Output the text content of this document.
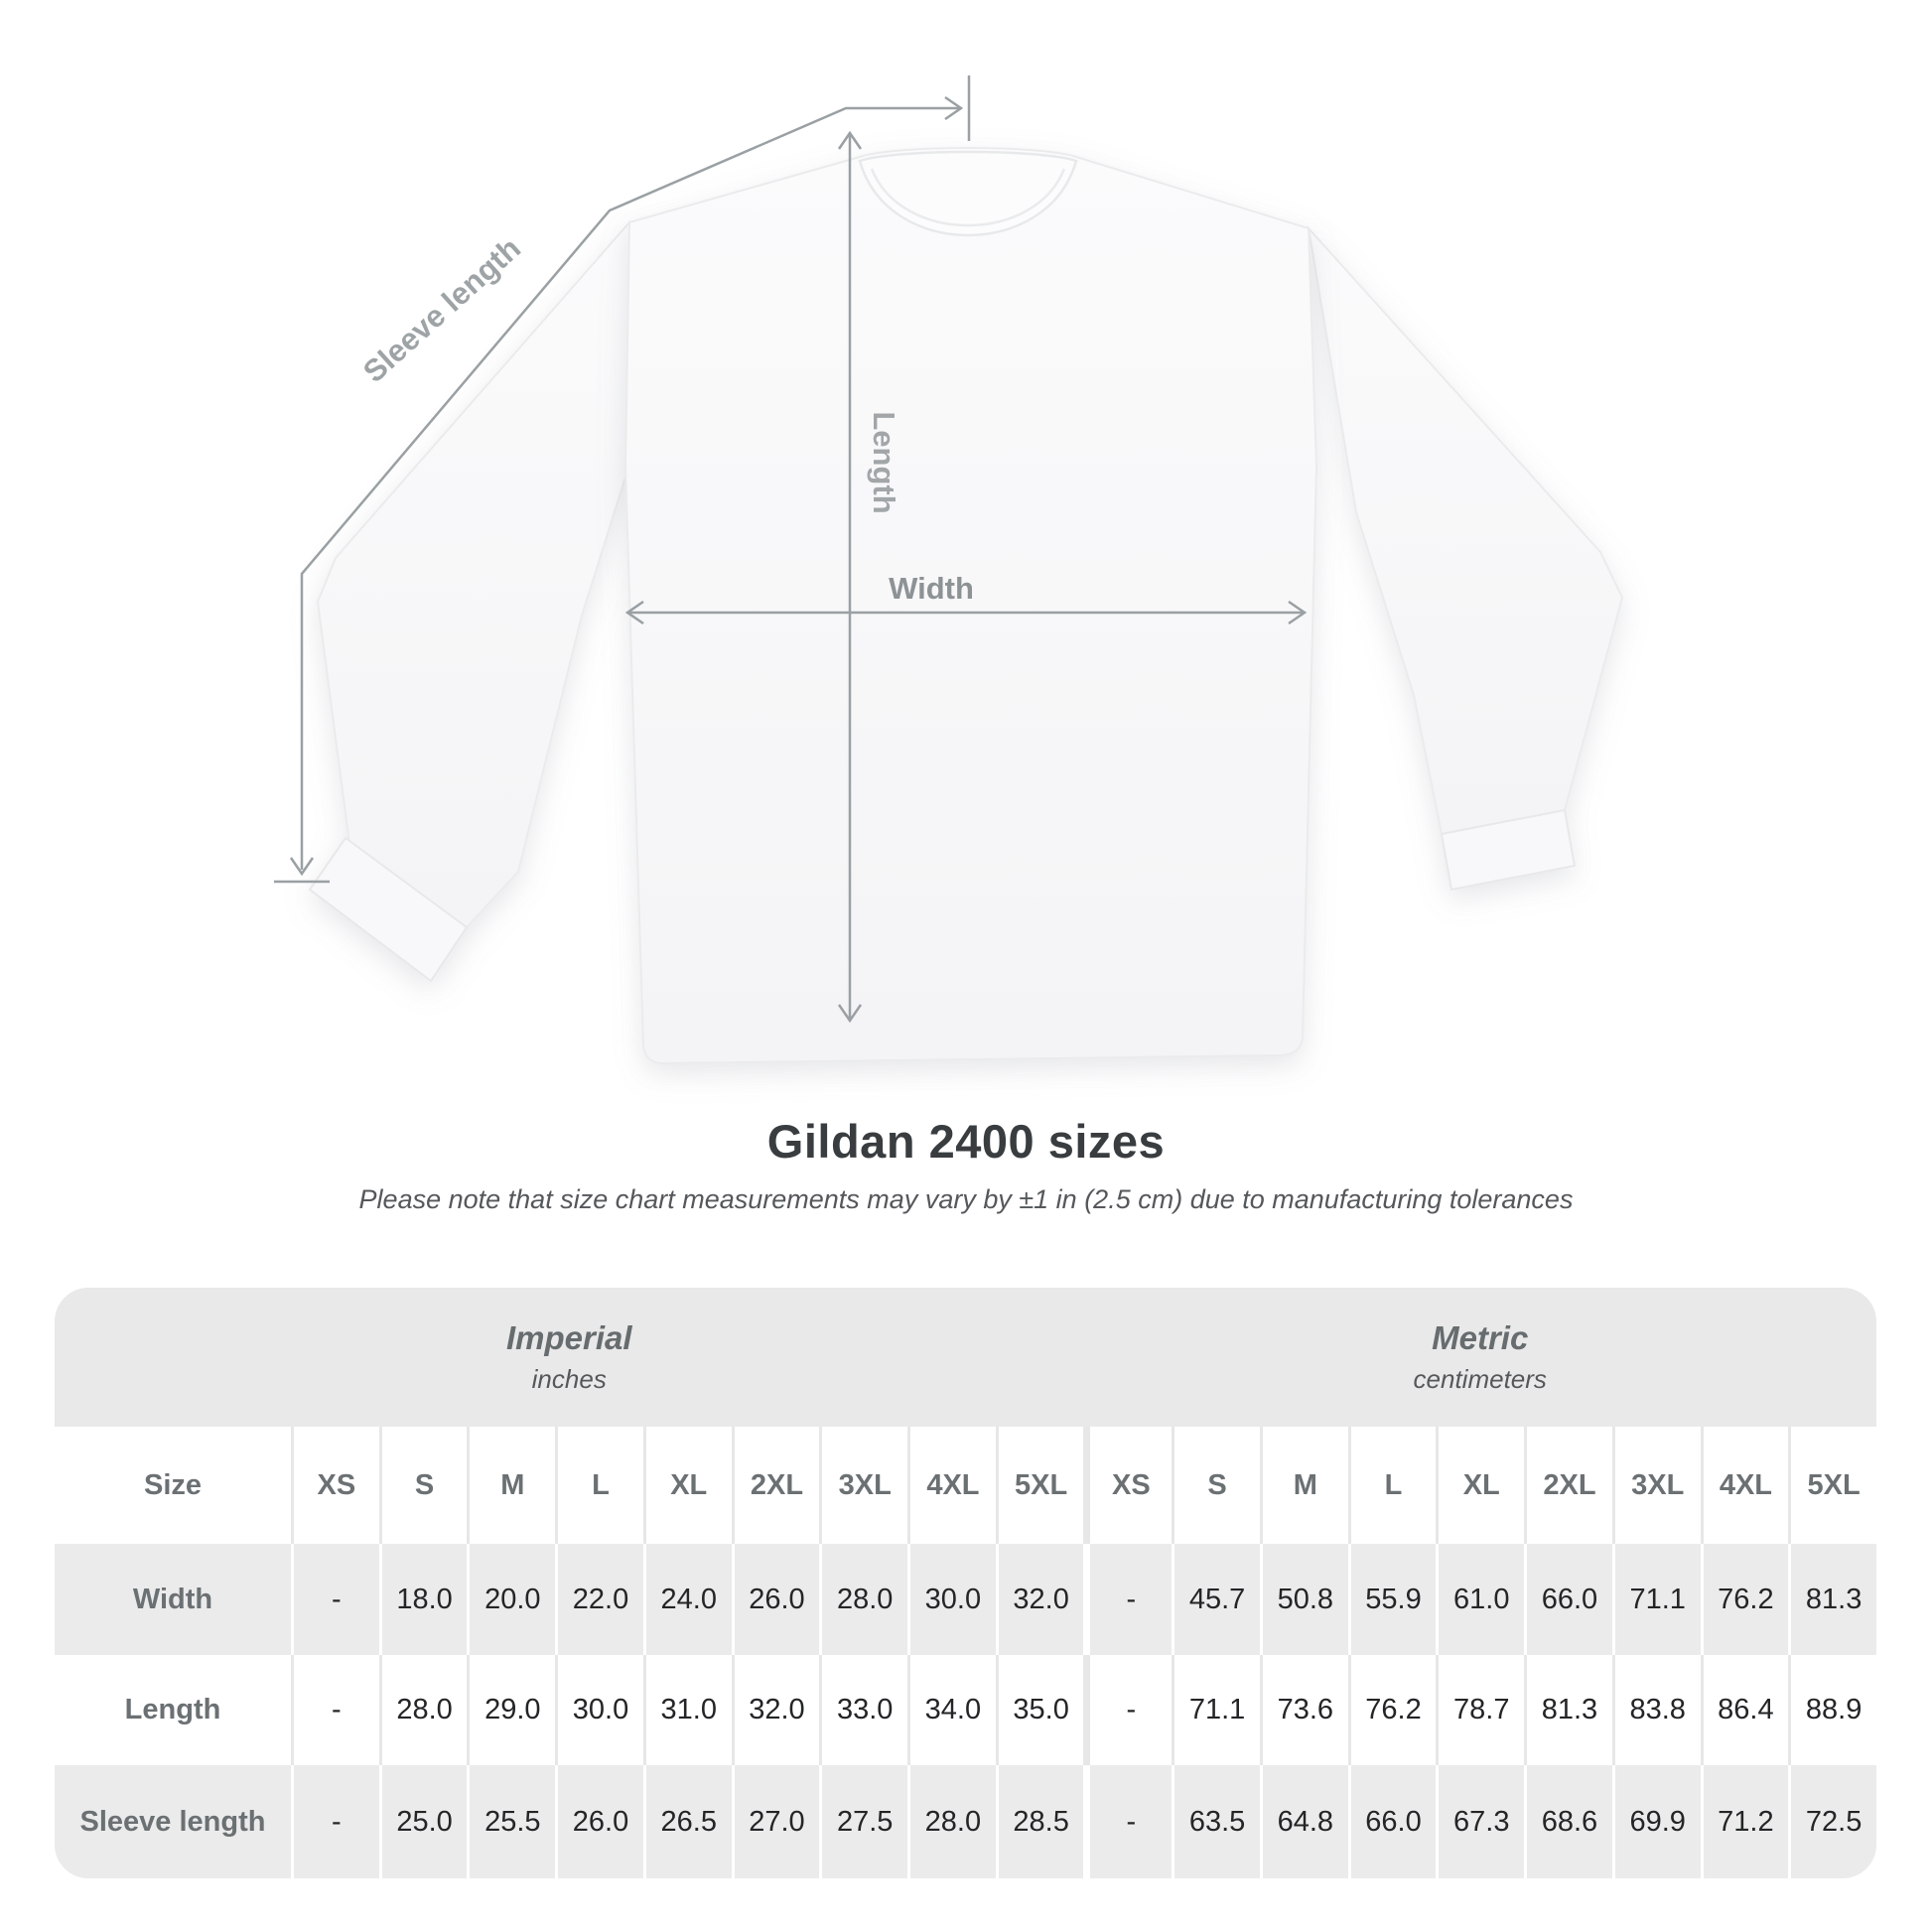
Sleeve length
Length
Width
Gildan 2400 sizes

Please note that size chart measurements may vary by ±1 in (2.5 cm) due to manufacturing tolerances

Imperial
inches
Metric
centimeters
Size	XS	S	M	L	XL	2XL	3XL	4XL	5XL	XS	S	M	L	XL	2XL	3XL	4XL	5XL
Width	-	18.0	20.0	22.0	24.0	26.0	28.0	30.0	32.0	-	45.7	50.8	55.9	61.0	66.0	71.1	76.2	81.3
Length	-	28.0	29.0	30.0	31.0	32.0	33.0	34.0	35.0	-	71.1	73.6	76.2	78.7	81.3	83.8	86.4	88.9
Sleeve length	-	25.0	25.5	26.0	26.5	27.0	27.5	28.0	28.5	-	63.5	64.8	66.0	67.3	68.6	69.9	71.2	72.5
